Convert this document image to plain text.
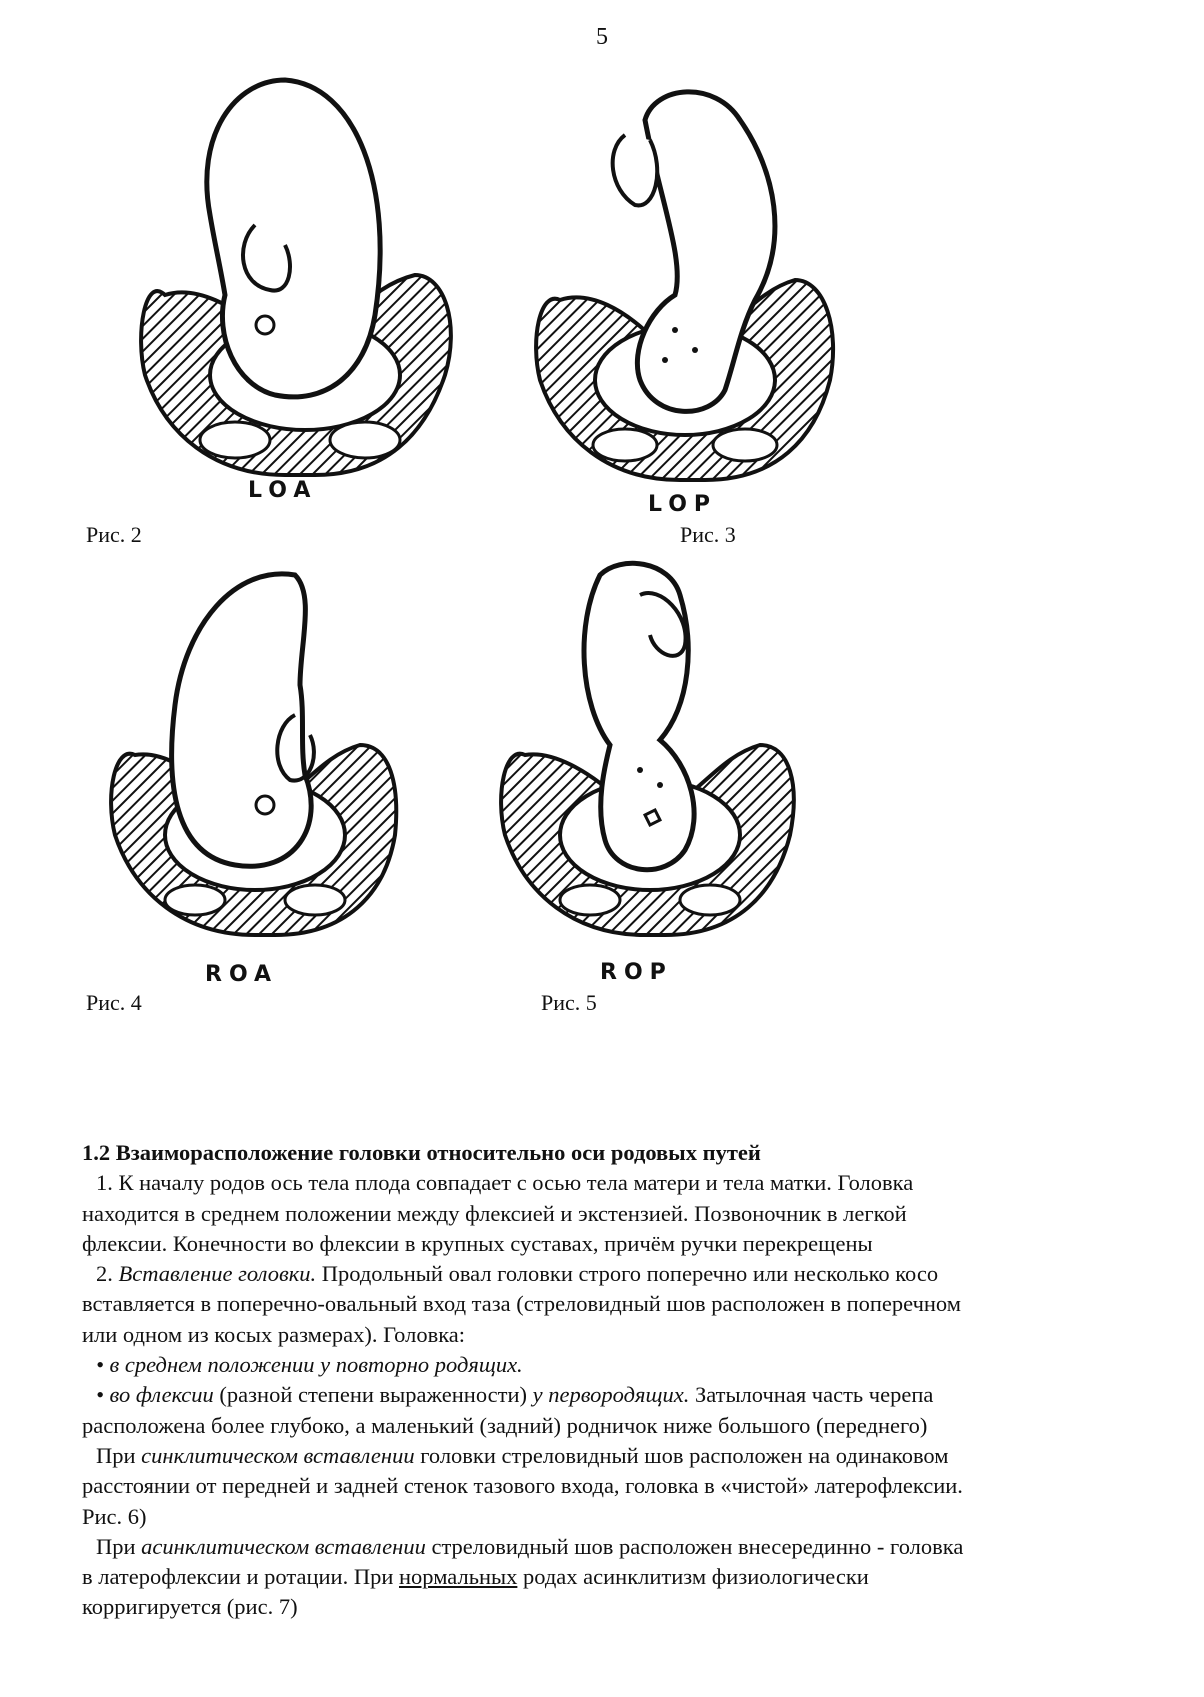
5
LOA
Рис. 2
LOP
Рис. 3
ROA
Рис. 4
ROP
Рис. 5

1.2 Взаиморасположение головки относительно оси родовых путей

1. К началу родов ось тела плода совпадает с осью тела матери и тела матки. Головка

находится в среднем положении между флексией и экстензией. Позвоночник в легкой

флексии. Конечности во флексии в крупных суставах, причём ручки перекрещены

2. Вставление головки. Продольный овал головки строго поперечно или несколько косо

вставляется в поперечно-овальный вход таза (стреловидный шов расположен в поперечном

или одном из косых размерах). Головка:

• в среднем положении у повторно родящих.

• во флексии (разной степени выраженности) у первородящих. Затылочная часть черепа

расположена более глубоко, а маленький (задний) родничок ниже большого (переднего)

При синклитическом вставлении головки стреловидный шов расположен на одинаковом

расстоянии от передней и задней стенок тазового входа, головка в «чистой» латерофлексии.

Рис. 6)

При асинклитическом вставлении стреловидный шов расположен внесерединно - головка

в латерофлексии и ротации. При нормальных родах асинклитизм физиологически

корригируется (рис. 7)
